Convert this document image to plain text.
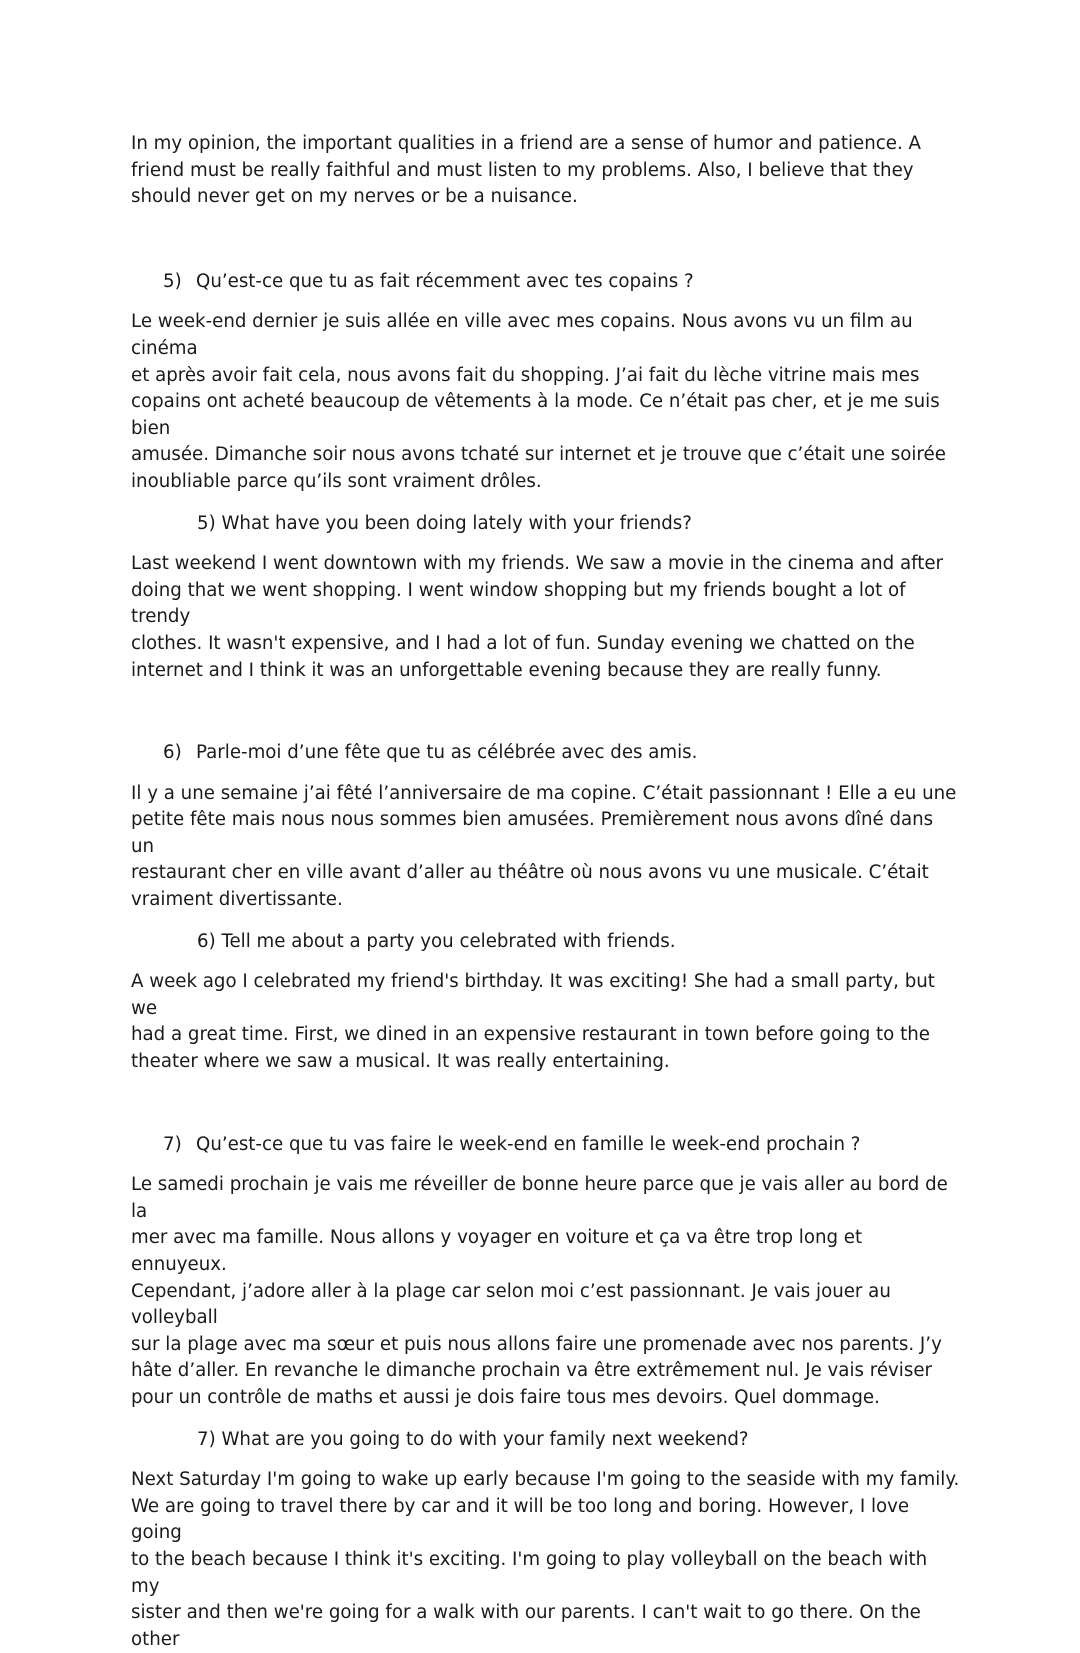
In my opinion, the important qualities in a friend are a sense of humor and patience. A
friend must be really faithful and must listen to my problems. Also, I believe that they
should never get on my nerves or be a nuisance.

5) Qu’est-ce que tu as fait récemment avec tes copains ?

Le week-end dernier je suis allée en ville avec mes copains. Nous avons vu un film au cinéma
et après avoir fait cela, nous avons fait du shopping. J’ai fait du lèche vitrine mais mes
copains ont acheté beaucoup de vêtements à la mode. Ce n’était pas cher, et je me suis bien
amusée. Dimanche soir nous avons tchaté sur internet et je trouve que c’était une soirée
inoubliable parce qu’ils sont vraiment drôles.

5) What have you been doing lately with your friends?

Last weekend I went downtown with my friends. We saw a movie in the cinema and after
doing that we went shopping. I went window shopping but my friends bought a lot of trendy
clothes. It wasn't expensive, and I had a lot of fun. Sunday evening we chatted on the
internet and I think it was an unforgettable evening because they are really funny.

6) Parle-moi d’une fête que tu as célébrée avec des amis.

Il y a une semaine j’ai fêté l’anniversaire de ma copine. C’était passionnant ! Elle a eu une
petite fête mais nous nous sommes bien amusées. Premièrement nous avons dîné dans un
restaurant cher en ville avant d’aller au théâtre où nous avons vu une musicale. C’était
vraiment divertissante.

6) Tell me about a party you celebrated with friends.

A week ago I celebrated my friend's birthday. It was exciting! She had a small party, but we
had a great time. First, we dined in an expensive restaurant in town before going to the
theater where we saw a musical. It was really entertaining.

7) Qu’est-ce que tu vas faire le week-end en famille le week-end prochain ?

Le samedi prochain je vais me réveiller de bonne heure parce que je vais aller au bord de la
mer avec ma famille. Nous allons y voyager en voiture et ça va être trop long et ennuyeux.
Cependant, j’adore aller à la plage car selon moi c’est passionnant. Je vais jouer au volleyball
sur la plage avec ma sœur et puis nous allons faire une promenade avec nos parents. J’y
hâte d’aller. En revanche le dimanche prochain va être extrêmement nul. Je vais réviser
pour un contrôle de maths et aussi je dois faire tous mes devoirs. Quel dommage.

7) What are you going to do with your family next weekend?

Next Saturday I'm going to wake up early because I'm going to the seaside with my family.
We are going to travel there by car and it will be too long and boring. However, I love going
to the beach because I think it's exciting. I'm going to play volleyball on the beach with my
sister and then we're going for a walk with our parents. I can't wait to go there. On the other
